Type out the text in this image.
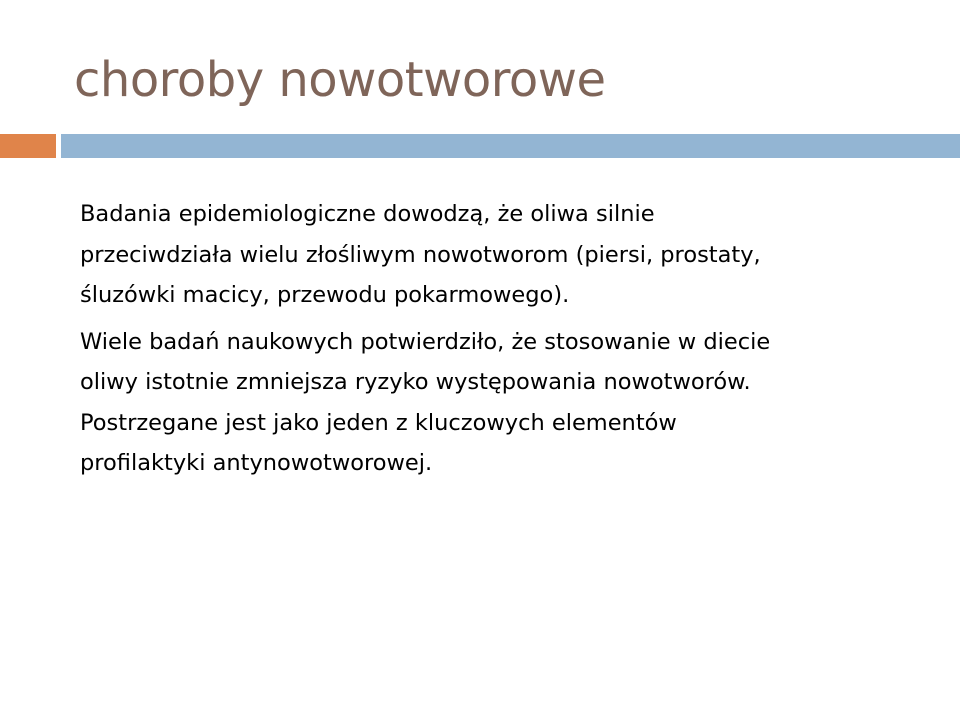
choroby nowotworowe

Badania epidemiologiczne dowodzą, że oliwa silnie
przeciwdziała wielu złośliwym nowotworom (piersi, prostaty,
śluzówki macicy, przewodu pokarmowego).

Wiele badań naukowych potwierdziło, że stosowanie w diecie
oliwy istotnie zmniejsza ryzyko występowania nowotworów.
Postrzegane jest jako jeden z kluczowych elementów
profilaktyki antynowotworowej.
